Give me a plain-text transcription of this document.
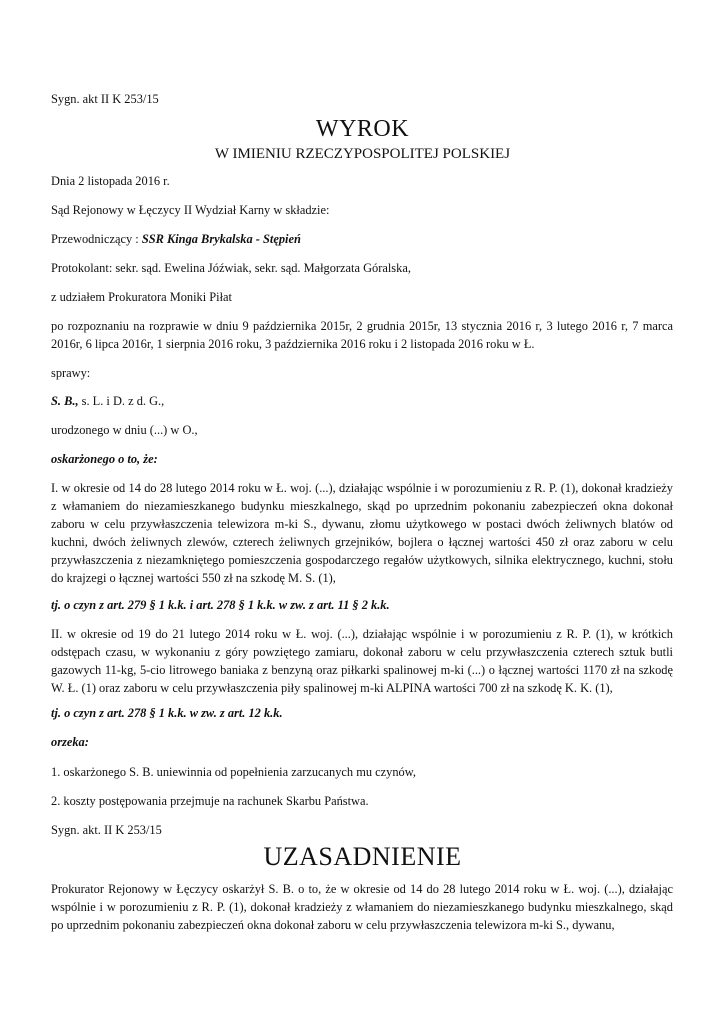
Sygn. akt II K 253/15

WYROK
W IMIENIU RZECZYPOSPOLITEJ POLSKIEJ

Dnia 2 listopada 2016 r.

Sąd Rejonowy w Łęczycy II Wydział Karny w składzie:

Przewodniczący : SSR Kinga Brykalska - Stępień

Protokolant: sekr. sąd. Ewelina Jóźwiak, sekr. sąd. Małgorzata Góralska,

z udziałem Prokuratora Moniki Piłat

po rozpoznaniu na rozprawie w dniu 9 października 2015r, 2 grudnia 2015r, 13 stycznia 2016 r, 3 lutego 2016 r, 7 marca 2016r, 6 lipca 2016r, 1 sierpnia 2016 roku, 3 października 2016 roku i 2 listopada 2016 roku w Ł.

sprawy:

S. B., s. L. i D. z d. G.,

urodzonego w dniu (...) w O.,

oskarżonego o to, że:

I. w okresie od 14 do 28 lutego 2014 roku w Ł. woj. (...), działając wspólnie i w porozumieniu z R. P. (1), dokonał kradzieży z włamaniem do niezamieszkanego budynku mieszkalnego, skąd po uprzednim pokonaniu zabezpieczeń okna dokonał zaboru w celu przywłaszczenia telewizora m-ki S., dywanu, złomu użytkowego w postaci dwóch żeliwnych blatów od kuchni, dwóch żeliwnych zlewów, czterech żeliwnych grzejników, bojlera o łącznej wartości 450 zł oraz zaboru w celu przywłaszczenia z niezamkniętego pomieszczenia gospodarczego regałów użytkowych, silnika elektrycznego, kuchni, stołu do krajzegi o łącznej wartości 550 zł na szkodę M. S. (1),

tj. o czyn z art. 279 § 1 k.k. i art. 278 § 1 k.k. w zw. z art. 11 § 2 k.k.

II. w okresie od 19 do 21 lutego 2014 roku w Ł. woj. (...), działając wspólnie i w porozumieniu z R. P. (1), w krótkich odstępach czasu, w wykonaniu z góry powziętego zamiaru, dokonał zaboru w celu przywłaszczenia czterech sztuk butli gazowych 11-kg, 5-cio litrowego baniaka z benzyną oraz piłkarki spalinowej m-ki (...) o łącznej wartości 1170 zł na szkodę W. Ł. (1) oraz zaboru w celu przywłaszczenia piły spalinowej m-ki ALPINA wartości 700 zł na szkodę K. K. (1),

tj. o czyn z art. 278 § 1 k.k. w zw. z art. 12 k.k.

orzeka:

1. oskarżonego S. B. uniewinnia od popełnienia zarzucanych mu czynów,

2. koszty postępowania przejmuje na rachunek Skarbu Państwa.

Sygn. akt. II K 253/15

UZASADNIENIE

Prokurator Rejonowy w Łęczycy oskarżył S. B. o to, że w okresie od 14 do 28 lutego 2014 roku w Ł. woj. (...), działając wspólnie i w porozumieniu z R. P. (1), dokonał kradzieży z włamaniem do niezamieszkanego budynku mieszkalnego, skąd po uprzednim pokonaniu zabezpieczeń okna dokonał zaboru w celu przywłaszczenia telewizora m-ki S., dywanu,
